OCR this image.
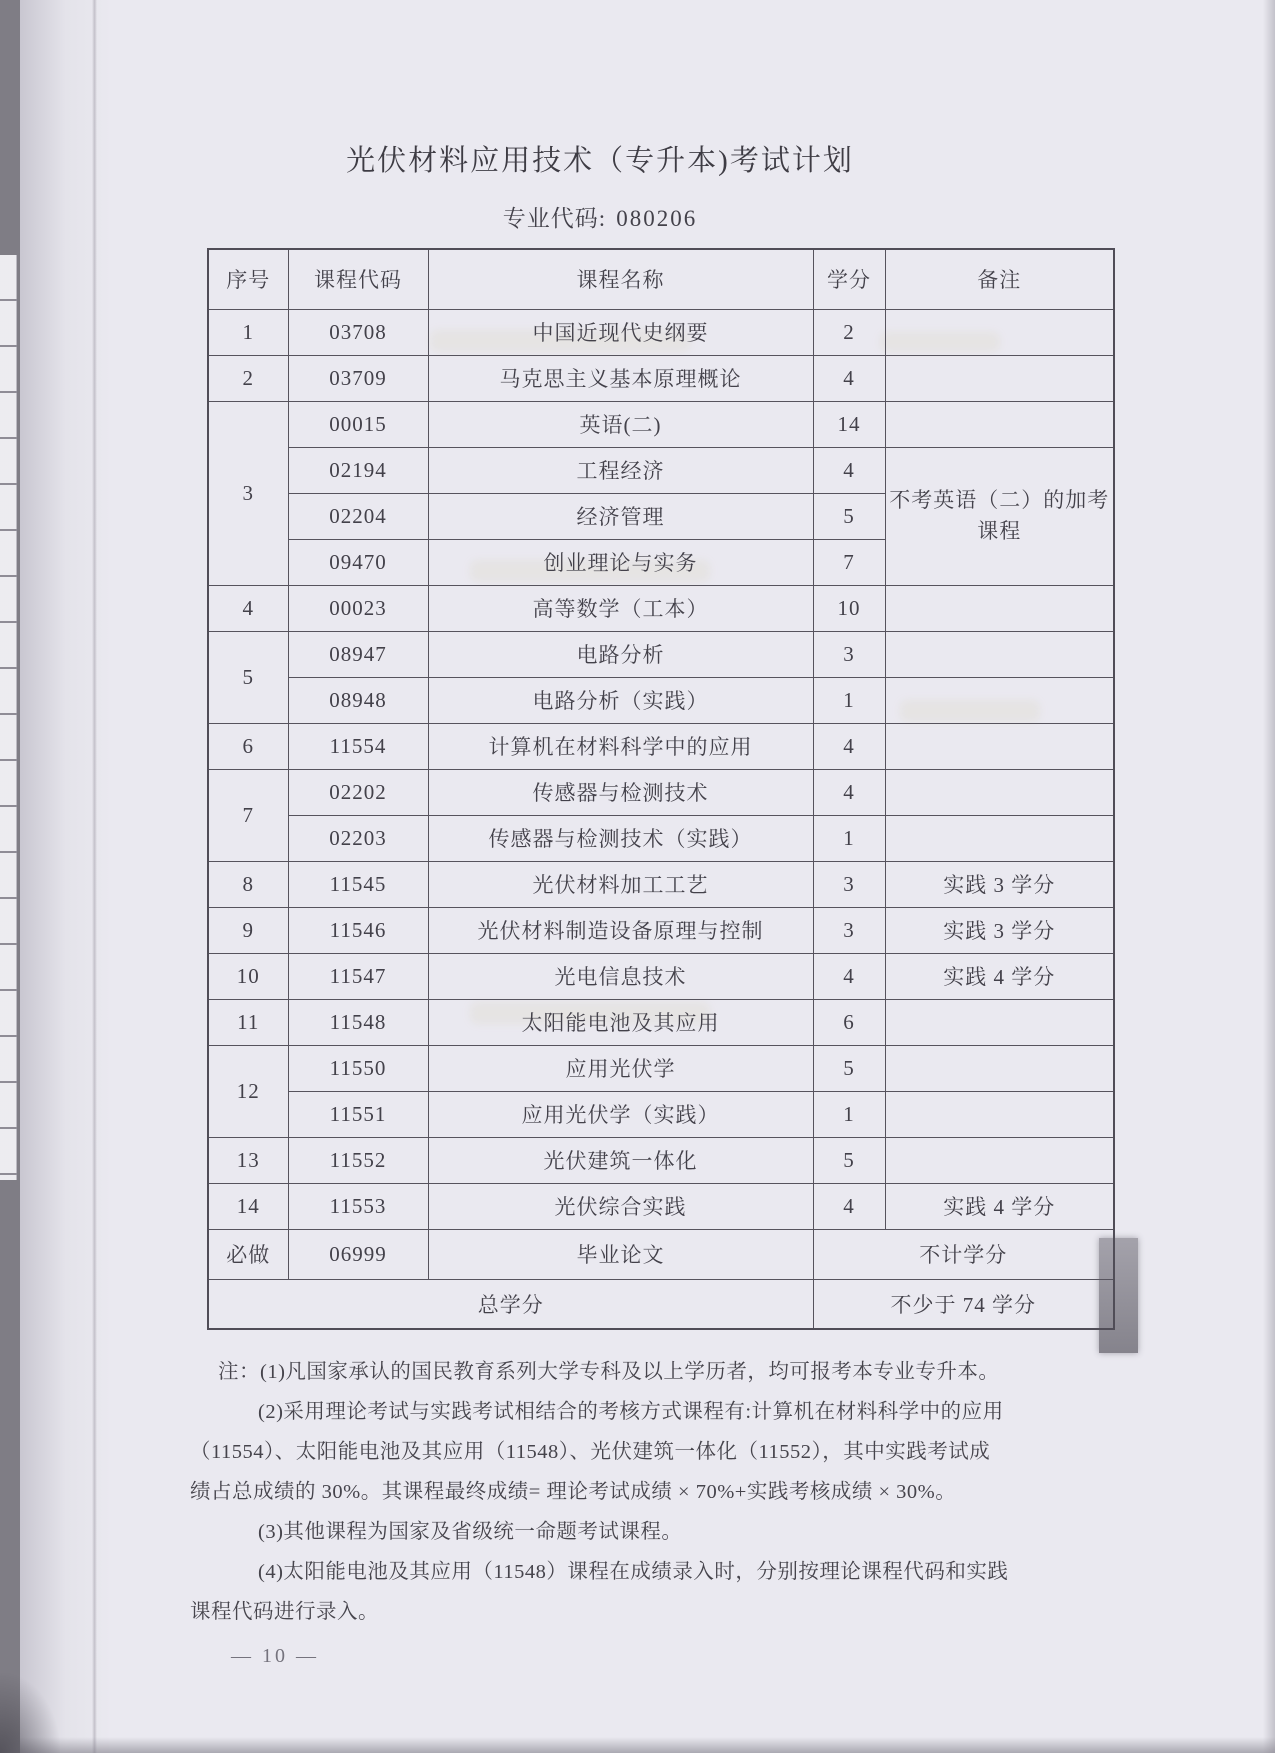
光伏材料应用技术（专升本)考试计划
专业代码: 080206
序号	课程代码	课程名称	学分	备注
1	03708	中国近现代史纲要	2	
2	03709	马克思主义基本原理概论	4	
3	00015	英语(二)	14	
	02194	工程经济	4	不考英语（二）的加考课程
	02204	经济管理	5	
	09470	创业理论与实务	7	
4	00023	高等数学（工本）	10	
5	08947	电路分析	3	
	08948	电路分析（实践）	1	
6	11554	计算机在材料科学中的应用	4	
7	02202	传感器与检测技术	4	
	02203	传感器与检测技术（实践）	1	
8	11545	光伏材料加工工艺	3	实践 3 学分
9	11546	光伏材料制造设备原理与控制	3	实践 3 学分
10	11547	光电信息技术	4	实践 4 学分
11	11548	太阳能电池及其应用	6	
12	11550	应用光伏学	5	
	11551	应用光伏学（实践）	1	
13	11552	光伏建筑一体化	5	
14	11553	光伏综合实践	4	实践 4 学分
必做	06999	毕业论文	不计学分	
总学分			不少于 74 学分	
注：(1)凡国家承认的国民教育系列大学专科及以上学历者，均可报考本专业专升本。
(2)采用理论考试与实践考试相结合的考核方式课程有:计算机在材料科学中的应用
（11554）、太阳能电池及其应用（11548）、光伏建筑一体化（11552），其中实践考试成
绩占总成绩的 30%。其课程最终成绩= 理论考试成绩 × 70%+实践考核成绩 × 30%。
(3)其他课程为国家及省级统一命题考试课程。
(4)太阳能电池及其应用（11548）课程在成绩录入时，分别按理论课程代码和实践
课程代码进行录入。
— 10 —
